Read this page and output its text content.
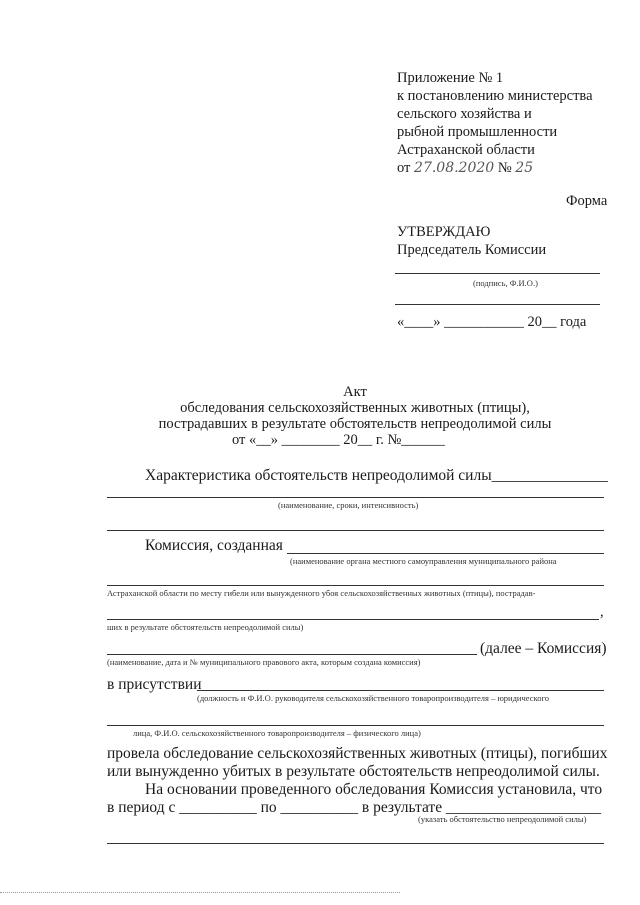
Приложение № 1
к постановлению министерства
сельского хозяйства и
рыбной промышленности
Астраханской области
от 27.08.2020 № 25
Форма
УТВЕРЖДАЮ
Председатель Комиссии
(подпись, Ф.И.О.)
«____» ___________ 20__ года
Акт
обследования сельскохозяйственных животных (птицы),
пострадавших в результате обстоятельств непреодолимой силы
от «__» ________ 20__ г. №______
Характеристика обстоятельств непреодолимой силы_______________
(наименование, сроки, интенсивность)
Комиссия, созданная
(наименование органа местного самоуправления муниципального района
Астраханской области по месту гибели или вынужденного убоя сельскохозяйственных животных (птицы), пострадав-
,
ших в результате обстоятельств непреодолимой силы)
(далее – Комиссия)
(наименование, дата и № муниципального правового акта, которым создана комиссия)
в присутствии
(должность и Ф.И.О. руководителя сельскохозяйственного товаропроизводителя – юридического
лица, Ф.И.О. сельскохозяйственного товаропроизводителя – физического лица)
провела обследование сельскохозяйственных животных (птицы), погибших
или вынужденно убитых в результате обстоятельств непреодолимой силы.
На основании проведенного обследования Комиссия установила, что
в период с __________ по __________ в результате ____________________
(указать обстоятельство непреодолимой силы)
